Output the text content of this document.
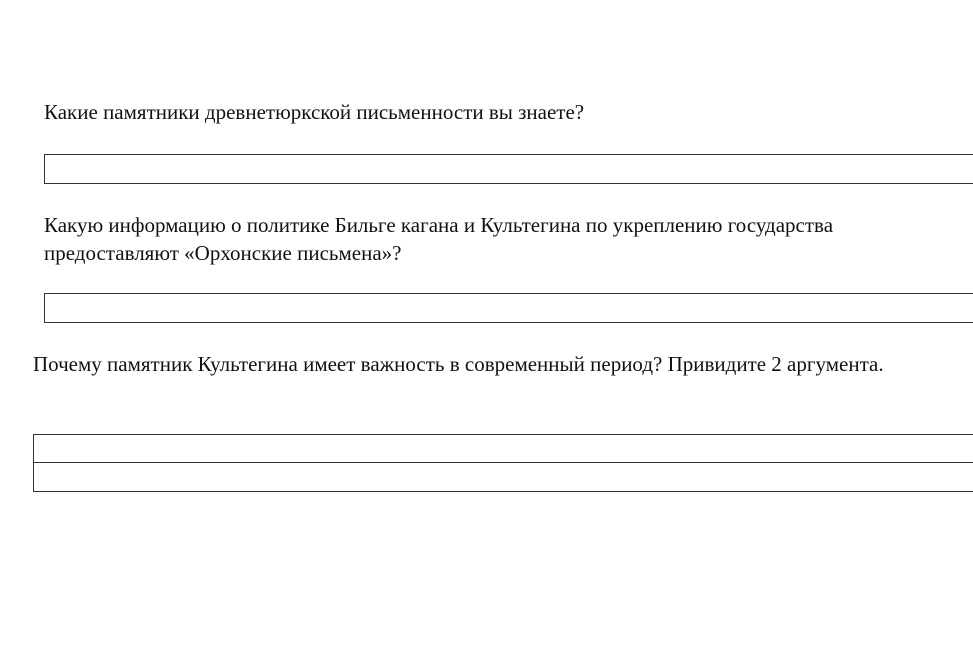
Какие памятники древнетюркской письменности вы знаете?

Какую информацию о политике Бильге кагана и Культегина по укреплению государства предоставляют «Орхонские письмена»?

Почему памятник Культегина имеет важность в современный период? Привидите 2 аргумента.
